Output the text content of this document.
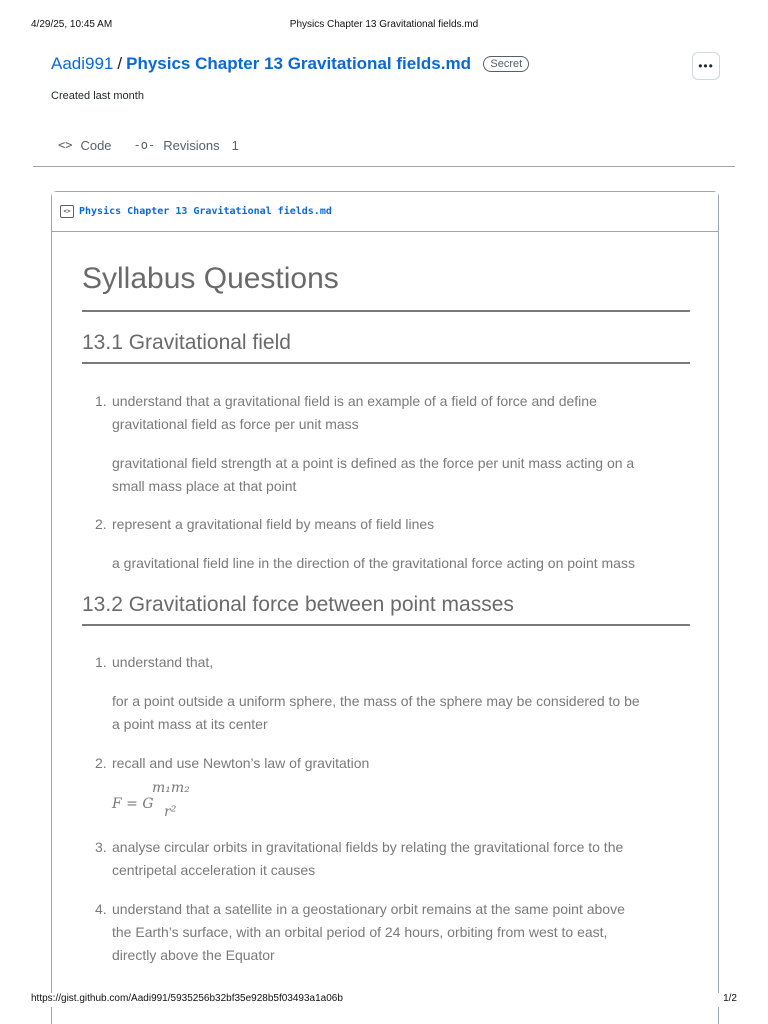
4/29/25, 10:45 AM	Physics Chapter 13 Gravitational fields.md
Aadi991 / Physics Chapter 13 Gravitational fields.md Secret	•••
Created last month
<> Code -o- Revisions 1
<> Physics Chapter 13 Gravitational fields.md
Syllabus Questions
13.1 Gravitational field
1. understand that a gravitational field is an example of a field of force and define
gravitational field as force per unit mass
gravitational field strength at a point is defined as the force per unit mass acting on a
small mass place at that point
2. represent a gravitational field by means of field lines
a gravitational field line in the direction of the gravitational force acting on point mass
13.2 Gravitational force between point masses
1. understand that,
for a point outside a uniform sphere, the mass of the sphere may be considered to be
a point mass at its center
2. recall and use Newton’s law of gravitation
F = G
m₁m₂
r²
3. analyse circular orbits in gravitational fields by relating the gravitational force to the
centripetal acceleration it causes
4. understand that a satellite in a geostationary orbit remains at the same point above
the Earth’s surface, with an orbital period of 24 hours, orbiting from west to east,
directly above the Equator
https://gist.github.com/Aadi991/5935256b32bf35e928b5f03493a1a06b	1/2
